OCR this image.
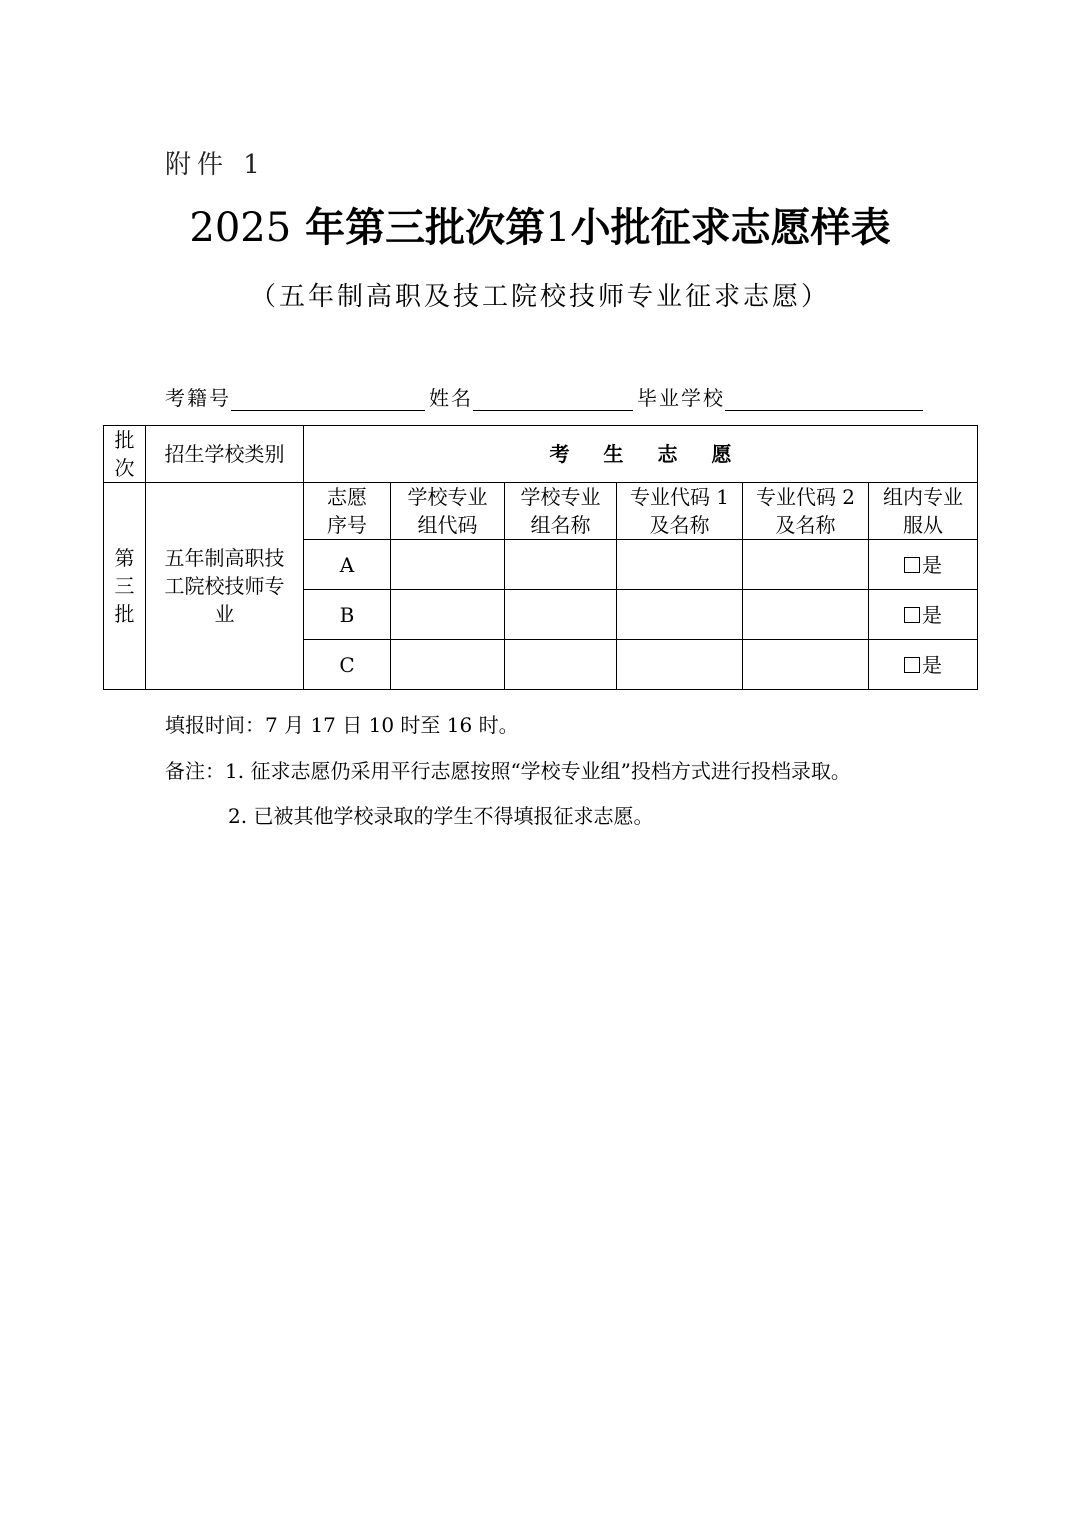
附件 1
2025 年第三批次第1小批征求志愿样表
（五年制高职及技工院校技师专业征求志愿）
考籍号	姓名	毕业学校
批次	招生学校类别	考生志愿					
第三批	五年制高职技工院校技师专业	志愿序号	学校专业组代码	学校专业组名称	专业代码 1 及名称	专业代码 2 及名称	组内专业服从
		A					是
		B					是
		C					是
填报时间：7 月 17 日 10 时至 16 时。
备注：1. 征求志愿仍采用平行志愿按照“学校专业组”投档方式进行投档录取。
2. 已被其他学校录取的学生不得填报征求志愿。
